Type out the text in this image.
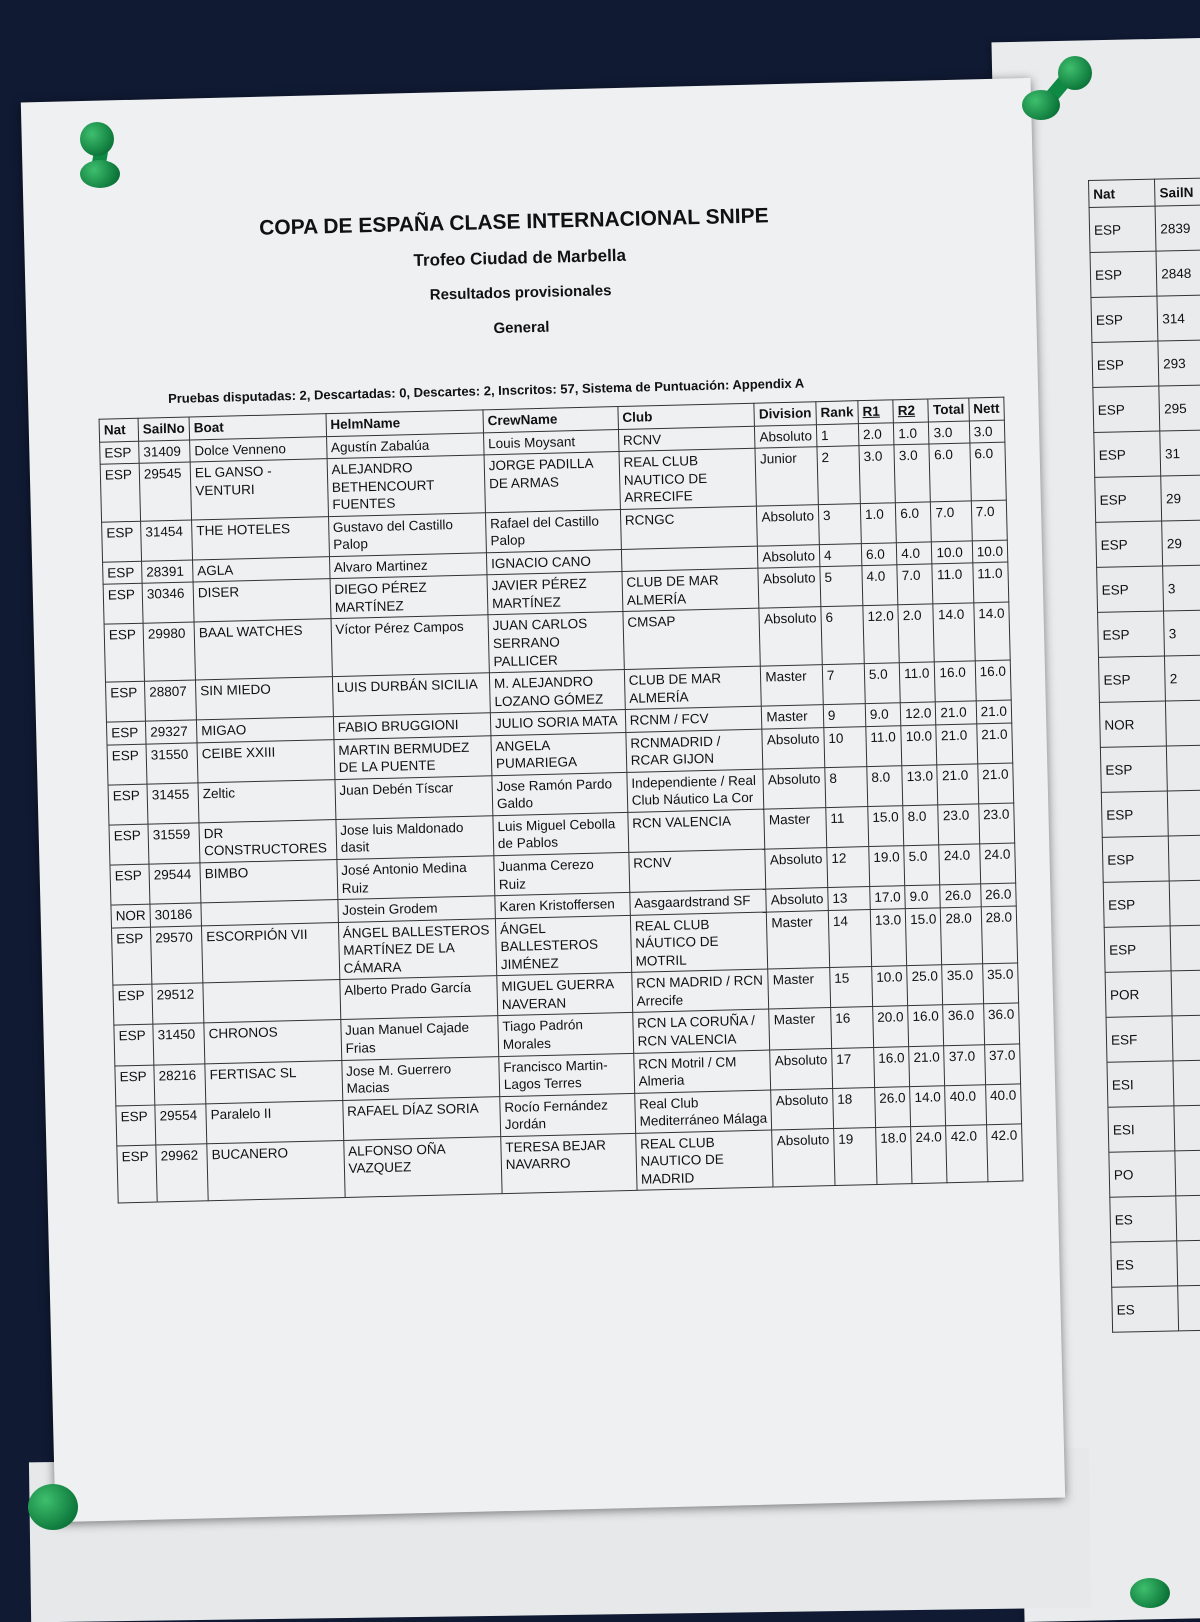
Nat	SailN
ESP	2839
ESP	2848
ESP	314
ESP	293
ESP	295
ESP	31
ESP	29
ESP	29
ESP	3
ESP	3
ESP	2
NOR	
ESP	
ESP	
ESP	
ESP	
ESP	
POR	
ESF	
ESI	
ESI	
PO	
ES	
ES	
ES	
COPA DE ESPAÑA CLASE INTERNACIONAL SNIPE
Trofeo Ciudad de Marbella
Resultados provisionales
General
Pruebas disputadas: 2, Descartadas: 0, Descartes: 2, Inscritos: 57, Sistema de Puntuación: Appendix A
Nat	SailNo	Boat	HelmName	CrewName	Club	Division	Rank	R1	R2	Total	Nett
ESP	31409	Dolce Venneno	Agustín Zabalúa	Louis Moysant	RCNV	Absoluto	1	2.0	1.0	3.0	3.0
ESP	29545	EL GANSO - VENTURI	ALEJANDRO BETHENCOURT FUENTES	JORGE PADILLA DE ARMAS	REAL CLUB NAUTICO DE ARRECIFE	Junior	2	3.0	3.0	6.0	6.0
ESP	31454	THE HOTELES	Gustavo del Castillo Palop	Rafael del Castillo Palop	RCNGC	Absoluto	3	1.0	6.0	7.0	7.0
ESP	28391	AGLA	Alvaro Martinez	IGNACIO CANO		Absoluto	4	6.0	4.0	10.0	10.0
ESP	30346	DISER	DIEGO PÉREZ MARTÍNEZ	JAVIER PÉREZ MARTÍNEZ	CLUB DE MAR ALMERÍA	Absoluto	5	4.0	7.0	11.0	11.0
ESP	29980	BAAL WATCHES	Víctor Pérez Campos	JUAN CARLOS SERRANO PALLICER	CMSAP	Absoluto	6	12.0	2.0	14.0	14.0
ESP	28807	SIN MIEDO	LUIS DURBÁN SICILIA	M. ALEJANDRO LOZANO GÓMEZ	CLUB DE MAR ALMERÍA	Master	7	5.0	11.0	16.0	16.0
ESP	29327	MIGAO	FABIO BRUGGIONI	JULIO SORIA MATA	RCNM / FCV	Master	9	9.0	12.0	21.0	21.0
ESP	31550	CEIBE XXIII	MARTIN BERMUDEZ DE LA PUENTE	ANGELA PUMARIEGA	RCNMADRID / RCAR GIJON	Absoluto	10	11.0	10.0	21.0	21.0
ESP	31455	Zeltic	Juan Debén Tíscar	Jose Ramón Pardo Galdo	Independiente / Real Club Náutico La Cor	Absoluto	8	8.0	13.0	21.0	21.0
ESP	31559	DR CONSTRUCTORES	Jose luis Maldonado dasit	Luis Miguel Cebolla de Pablos	RCN VALENCIA	Master	11	15.0	8.0	23.0	23.0
ESP	29544	BIMBO	José Antonio Medina Ruiz	Juanma Cerezo Ruiz	RCNV	Absoluto	12	19.0	5.0	24.0	24.0
NOR	30186		Jostein Grodem	Karen Kristoffersen	Aasgaardstrand SF	Absoluto	13	17.0	9.0	26.0	26.0
ESP	29570	ESCORPIÓN VII	ÁNGEL BALLESTEROS MARTÍNEZ DE LA CÁMARA	ÁNGEL BALLESTEROS JIMÉNEZ	REAL CLUB NÁUTICO DE MOTRIL	Master	14	13.0	15.0	28.0	28.0
ESP	29512		Alberto Prado García	MIGUEL GUERRA NAVERAN	RCN MADRID / RCN Arrecife	Master	15	10.0	25.0	35.0	35.0
ESP	31450	CHRONOS	Juan Manuel Cajade Frias	Tiago Padrón Morales	RCN LA CORUÑA / RCN VALENCIA	Master	16	20.0	16.0	36.0	36.0
ESP	28216	FERTISAC SL	Jose M. Guerrero Macias	Francisco Martin-Lagos Terres	RCN Motril / CM Almeria	Absoluto	17	16.0	21.0	37.0	37.0
ESP	29554	Paralelo II	RAFAEL DÍAZ SORIA	Rocío Fernández Jordán	Real Club Mediterráneo Málaga	Absoluto	18	26.0	14.0	40.0	40.0
ESP	29962	BUCANERO	ALFONSO OÑA VAZQUEZ	TERESA BEJAR NAVARRO	REAL CLUB NAUTICO DE MADRID	Absoluto	19	18.0	24.0	42.0	42.0
